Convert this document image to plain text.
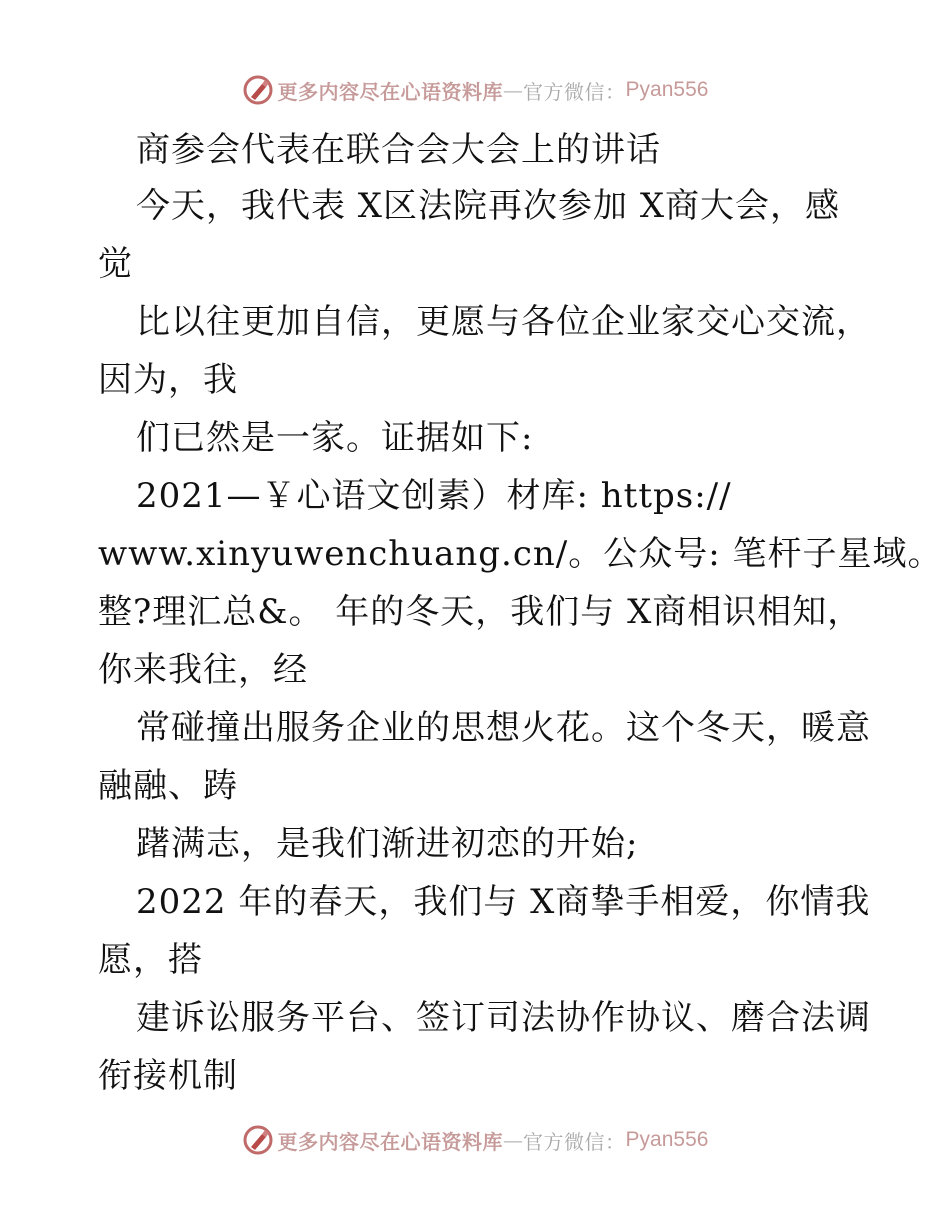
更多内容尽在心语资料库 — 官方微信： Pyan556
商参会代表在联合会大会上的讲话
今天，我代表 X区法院再次参加 X商大会，感
觉
比以往更加自信，更愿与各位企业家交心交流，
因为，我
们已然是一家。证据如下:
2021—￥心语文创素）材库: https://
www.xinyuwenchuang.cn/。公众号: 笔杆子星域。
整?理汇总&。 年的冬天，我们与 X商相识相知，
你来我往，经
常碰撞出服务企业的思想火花。这个冬天，暖意
融融、踌
躇满志，是我们渐进初恋的开始;
2022 年的春天，我们与 X商挚手相爱，你情我
愿，搭
建诉讼服务平台、签订司法协作协议、磨合法调
衔接机制
更多内容尽在心语资料库 — 官方微信： Pyan556
